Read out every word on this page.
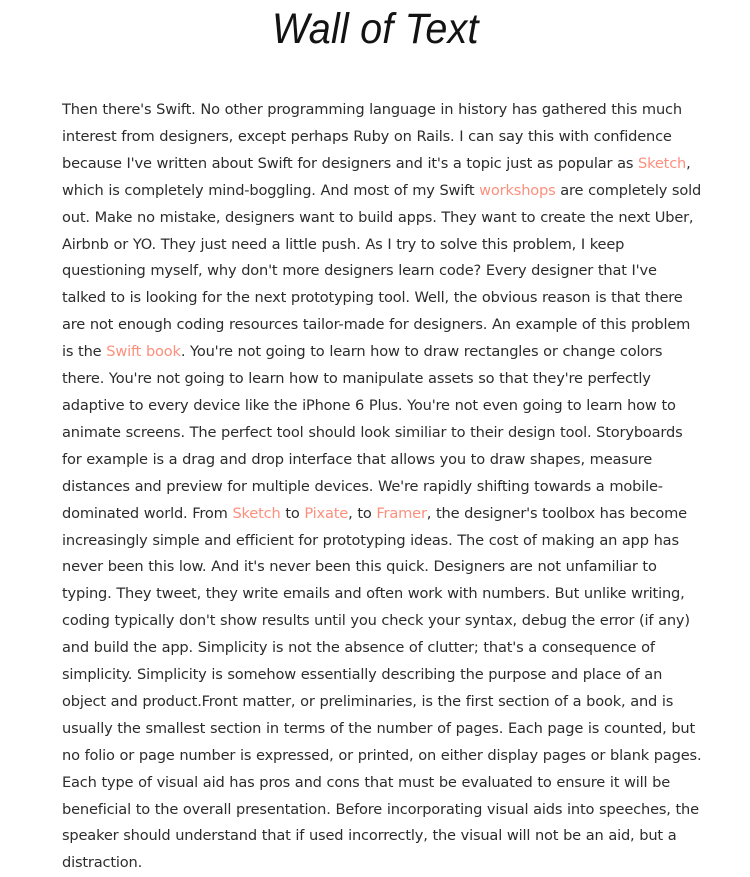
Wall of Text

Then there's Swift. No other programming language in history has gathered this much interest from designers, except perhaps Ruby on Rails. I can say this with confidence because I've written about Swift for designers and it's a topic just as popular as Sketch, which is completely mind-boggling. And most of my Swift workshops are completely sold out. Make no mistake, designers want to build apps. They want to create the next Uber, Airbnb or YO. They just need a little push. As I try to solve this problem, I keep questioning myself, why don't more designers learn code? Every designer that I've talked to is looking for the next prototyping tool. Well, the obvious reason is that there are not enough coding resources tailor-made for designers. An example of this problem is the Swift book. You're not going to learn how to draw rectangles or change colors there. You're not going to learn how to manipulate assets so that they're perfectly adaptive to every device like the iPhone 6 Plus. You're not even going to learn how to animate screens. The perfect tool should look similiar to their design tool. Storyboards for example is a drag and drop interface that allows you to draw shapes, measure distances and preview for multiple devices. We're rapidly shifting towards a mobile-dominated world. From Sketch to Pixate, to Framer, the designer's toolbox has become increasingly simple and efficient for prototyping ideas. The cost of making an app has never been this low. And it's never been this quick. Designers are not unfamiliar to typing. They tweet, they write emails and often work with numbers. But unlike writing, coding typically don't show results until you check your syntax, debug the error (if any) and build the app. Simplicity is not the absence of clutter; that's a consequence of simplicity. Simplicity is somehow essentially describing the purpose and place of an object and product.Front matter, or preliminaries, is the first section of a book, and is usually the smallest section in terms of the number of pages. Each page is counted, but no folio or page number is expressed, or printed, on either display pages or blank pages. Each type of visual aid has pros and cons that must be evaluated to ensure it will be beneficial to the overall presentation. Before incorporating visual aids into speeches, the speaker should understand that if used incorrectly, the visual will not be an aid, but a distraction.
